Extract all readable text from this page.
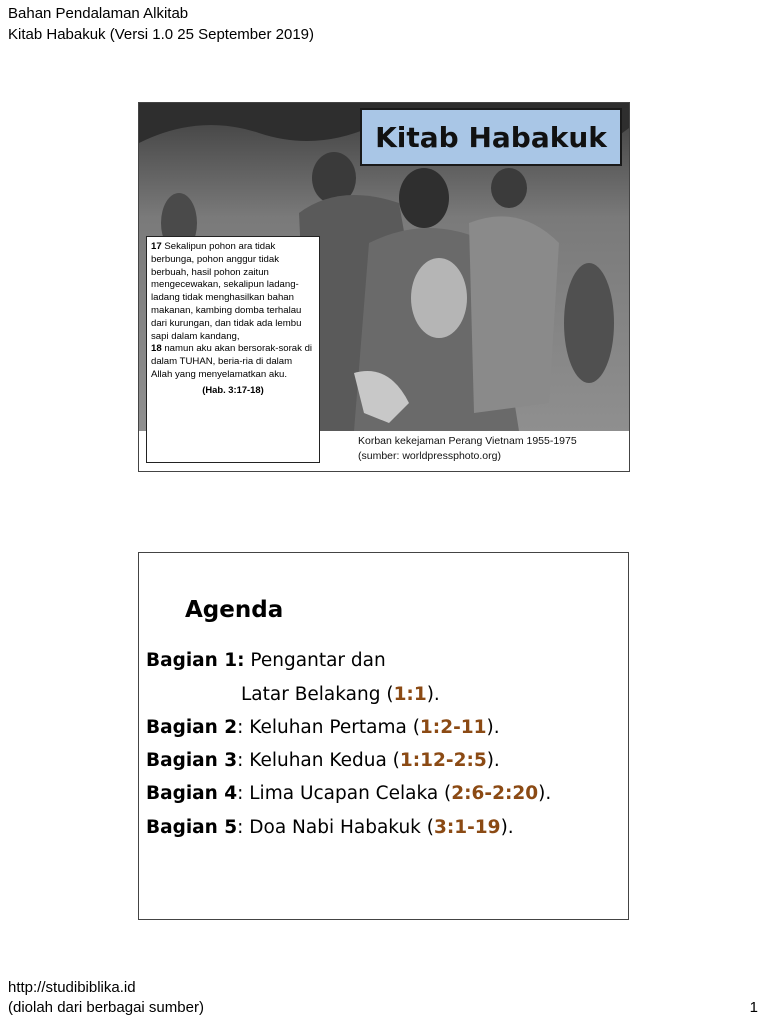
Bahan Pendalaman Alkitab
Kitab Habakuk (Versi 1.0 25 September 2019)
Kitab Habakuk
17 Sekalipun pohon ara tidak berbunga, pohon anggur tidak berbuah, hasil pohon zaitun mengecewakan, sekalipun ladang-ladang tidak menghasilkan bahan makanan, kambing domba terhalau dari kurungan, dan tidak ada lembu sapi dalam kandang,
18 namun aku akan bersorak-sorak di dalam TUHAN, beria-ria di dalam Allah yang menyelamatkan aku.
(Hab. 3:17-18)
Korban kekejaman Perang Vietnam 1955-1975
(sumber: worldpressphoto.org)
Agenda
Bagian 1: Pengantar dan
Latar Belakang (1:1).
Bagian 2: Keluhan Pertama (1:2-11).
Bagian 3: Keluhan Kedua (1:12-2:5).
Bagian 4: Lima Ucapan Celaka (2:6-2:20).
Bagian 5: Doa Nabi Habakuk (3:1-19).
http://studibiblika.id
(diolah dari berbagai sumber)	1
